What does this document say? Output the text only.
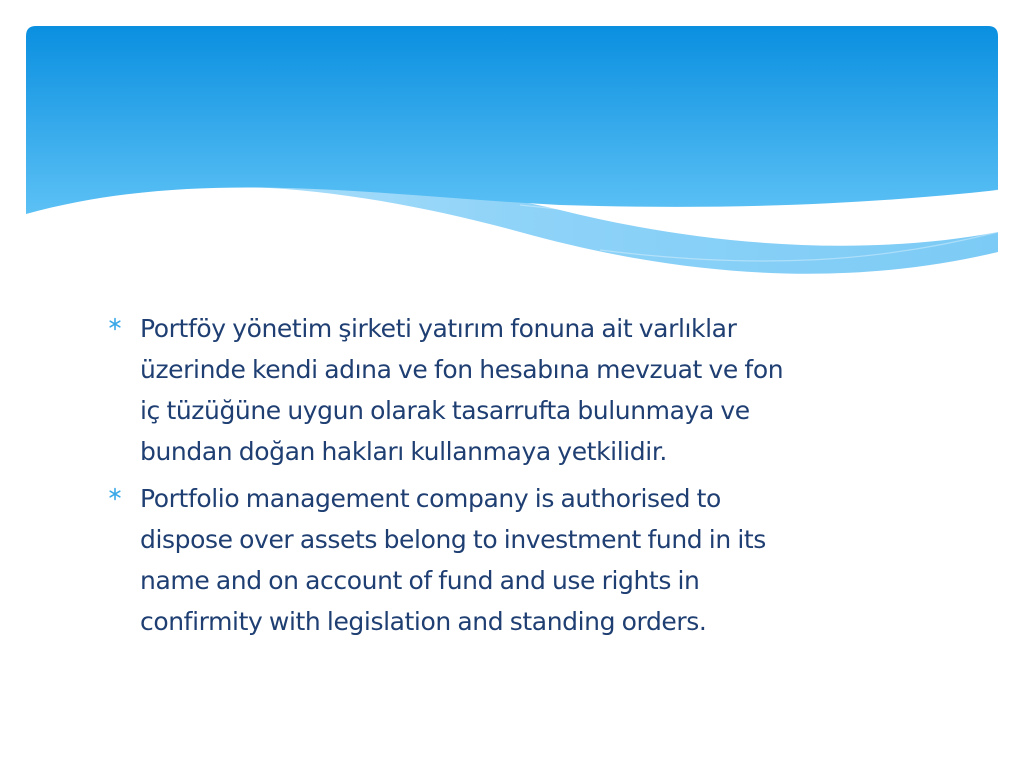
Portföy yönetim şirketi yatırım fonuna ait varlıklar
üzerinde kendi adına ve fon hesabına mevzuat ve fon
iç tüzüğüne uygun olarak tasarrufta bulunmaya ve
bundan doğan hakları kullanmaya yetkilidir.
Portfolio management company is authorised to
dispose over assets belong to investment fund in its
name and on account of fund and use rights in
confirmity with legislation and standing orders.
